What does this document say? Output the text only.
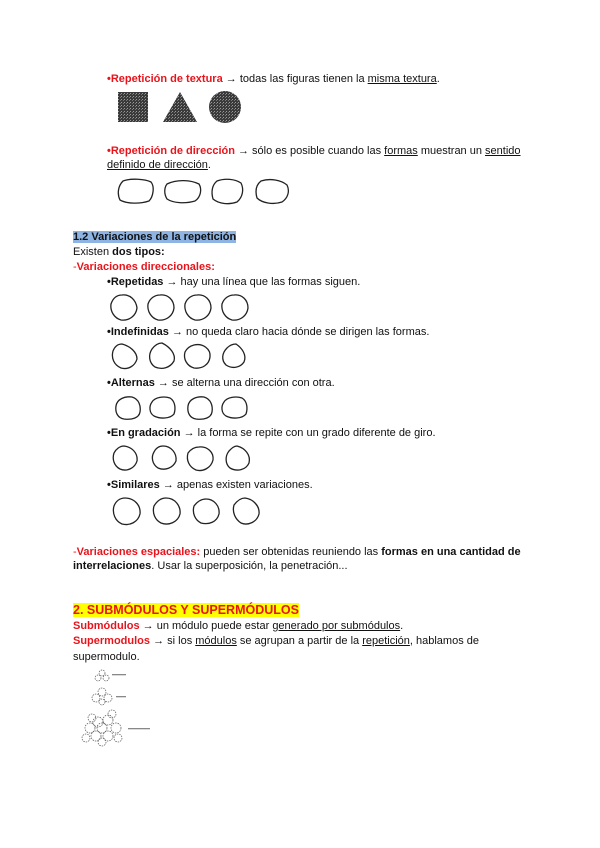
•Repetición de textura → todas las figuras tienen la misma textura.
•Repetición de dirección → sólo es posible cuando las formas muestran un sentido
definido de dirección.
1.2 Variaciones de la repetición
Existen dos tipos:
-Variaciones direccionales:
•Repetidas → hay una línea que las formas siguen.
•Indefinidas → no queda claro hacia dónde se dirigen las formas.
•Alternas → se alterna una dirección con otra.
•En gradación → la forma se repite con un grado diferente de giro.
•Similares → apenas existen variaciones.
-Variaciones espaciales: pueden ser obtenidas reuniendo las formas en una cantidad de
interrelaciones. Usar la superposición, la penetración...
2. SUBMÓDULOS Y SUPERMÓDULOS
Submódulos → un módulo puede estar generado por submódulos.
Supermodulos → si los módulos se agrupan a partir de la repetición, hablamos de
supermodulo.
